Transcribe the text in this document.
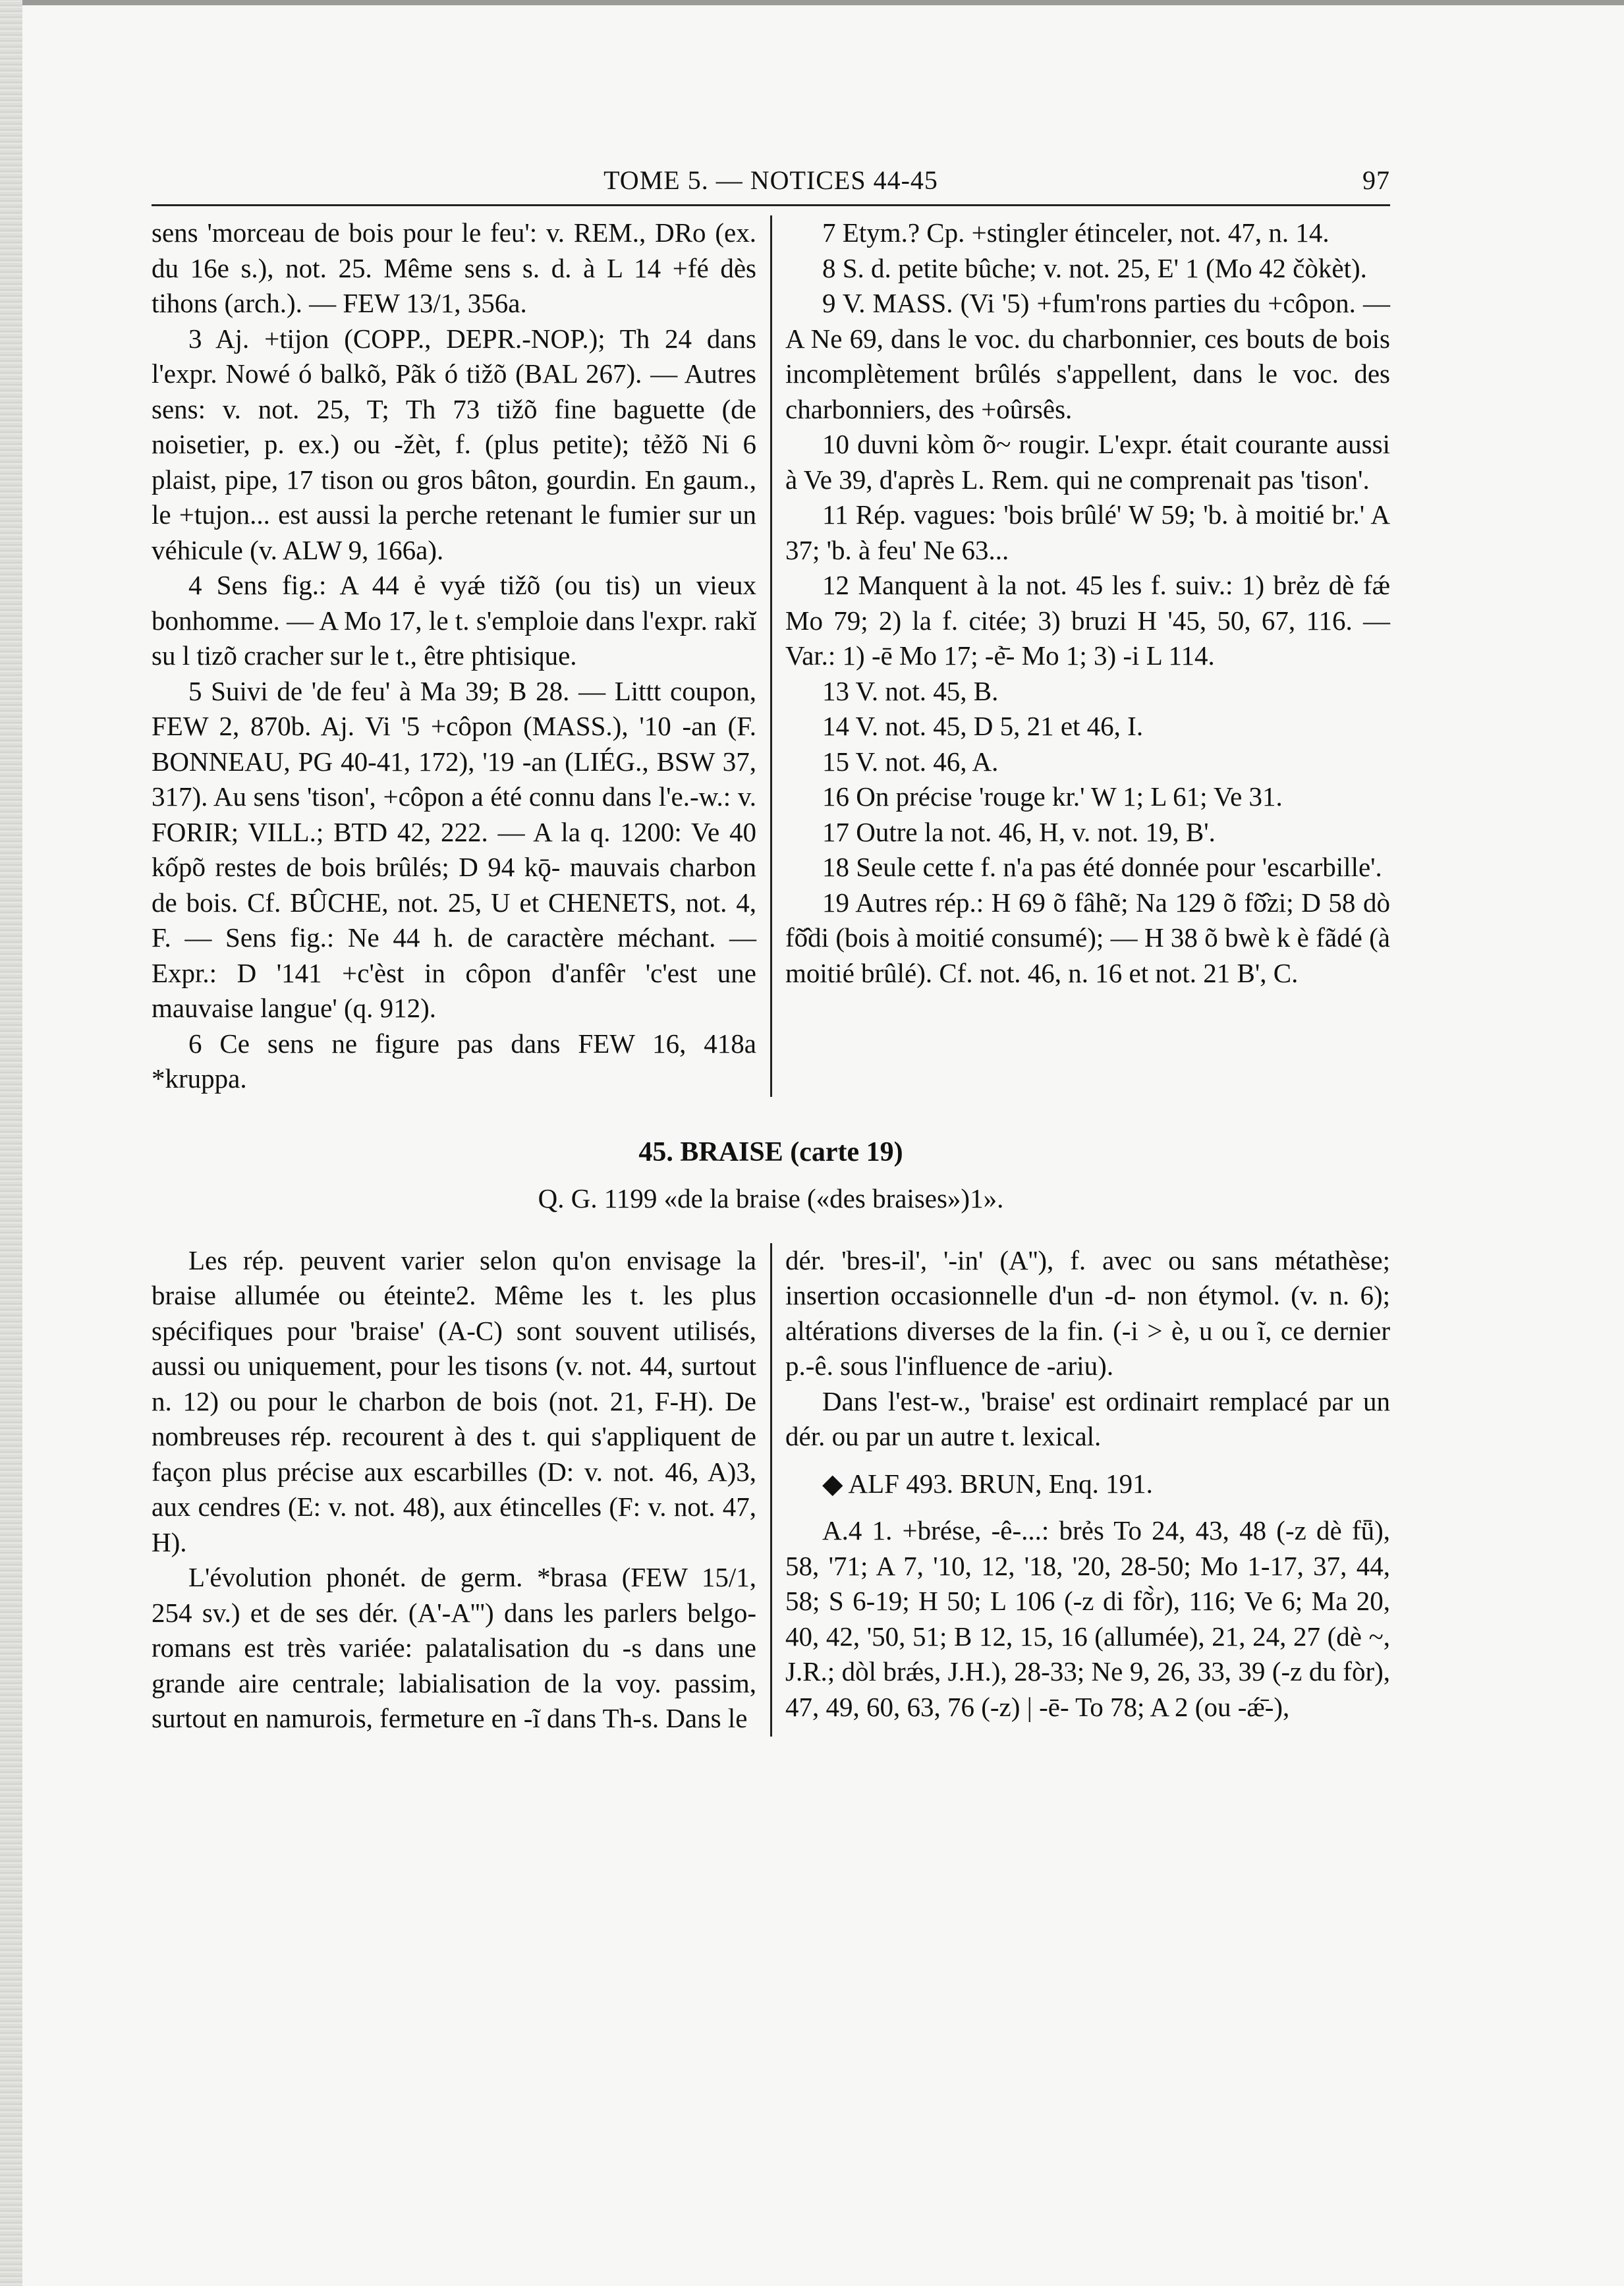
TOME 5. — NOTICES 44-45	97

sens 'morceau de bois pour le feu': v. REM., DRo (ex. du 16e s.), not. 25. Même sens s. d. à L 14 +fé dès tihons (arch.). — FEW 13/1, 356a.

3 Aj. +tijon (COPP., DEPR.-NOP.); Th 24 dans l'expr. Nowé ó balkõ, Pãk ó tižõ (BAL 267). — Autres sens: v. not. 25, T; Th 73 tižõ fine baguette (de noisetier, p. ex.) ou -žèt, f. (plus petite); tẻžõ Ni 6 plaist, pipe, 17 tison ou gros bâton, gourdin. En gaum., le +tujon... est aussi la perche retenant le fumier sur un véhicule (v. ALW 9, 166a).

4 Sens fig.: A 44 ẻ vyǽ tižõ (ou tis) un vieux bonhomme. — A Mo 17, le t. s'emploie dans l'expr. rakĭ su l tizõ cracher sur le t., être phtisique.

5 Suivi de 'de feu' à Ma 39; B 28. — Littt coupon, FEW 2, 870b. Aj. Vi '5 +côpon (MASS.), '10 -an (F. BONNEAU, PG 40-41, 172), '19 -an (LIÉG., BSW 37, 317). Au sens 'tison', +côpon a été connu dans l'e.-w.: v. FORIR; VILL.; BTD 42, 222. — A la q. 1200: Ve 40 kốpõ restes de bois brûlés; D 94 kǭ- mauvais charbon de bois. Cf. BÛCHE, not. 25, U et CHENETS, not. 4, F. — Sens fig.: Ne 44 h. de caractère méchant. — Expr.: D '141 +c'èst in côpon d'anfêr 'c'est une mauvaise langue' (q. 912).

6 Ce sens ne figure pas dans FEW 16, 418a *kruppa.

7 Etym.? Cp. +stingler étinceler, not. 47, n. 14.

8 S. d. petite bûche; v. not. 25, E' 1 (Mo 42 čòkèt).

9 V. MASS. (Vi '5) +fum'rons parties du +côpon. — A Ne 69, dans le voc. du charbonnier, ces bouts de bois incomplètement brûlés s'appellent, dans le voc. des charbonniers, des +oûrsês.

10 duvni kòm õ~ rougir. L'expr. était courante aussi à Ve 39, d'après L. Rem. qui ne comprenait pas 'tison'.

11 Rép. vagues: 'bois brûlé' W 59; 'b. à moitié br.' A 37; 'b. à feu' Ne 63...

12 Manquent à la not. 45 les f. suiv.: 1) brẻz dè fǽ Mo 79; 2) la f. citée; 3) bruzi H '45, 50, 67, 116. — Var.: 1) -ē Mo 17; -ẻ̄- Mo 1; 3) -i L 114.

13 V. not. 45, B.

14 V. not. 45, D 5, 21 et 46, I.

15 V. not. 46, A.

16 On précise 'rouge kr.' W 1; L 61; Ve 31.

17 Outre la not. 46, H, v. not. 19, B'.

18 Seule cette f. n'a pas été donnée pour 'escarbille'.

19 Autres rép.: H 69 õ fâhẽ; Na 129 õ fõ̂zi; D 58 dò fõ̂di (bois à moitié consumé); — H 38 õ bwè k è fãdé (à moitié brûlé). Cf. not. 46, n. 16 et not. 21 B', C.

45. BRAISE (carte 19)
Q. G. 1199 «de la braise («des braises»)1».

Les rép. peuvent varier selon qu'on envisage la braise allumée ou éteinte2. Même les t. les plus spécifiques pour 'braise' (A-C) sont souvent utilisés, aussi ou uniquement, pour les tisons (v. not. 44, surtout n. 12) ou pour le charbon de bois (not. 21, F-H). De nombreuses rép. recourent à des t. qui s'appliquent de façon plus précise aux escarbilles (D: v. not. 46, A)3, aux cendres (E: v. not. 48), aux étincelles (F: v. not. 47, H).

L'évolution phonét. de germ. *brasa (FEW 15/1, 254 sv.) et de ses dér. (A'-A''') dans les parlers belgo-romans est très variée: palatalisation du -s dans une grande aire centrale; labialisation de la voy. passim, surtout en namurois, fermeture en -ĩ dans Th-s. Dans le

dér. 'bres-il', '-in' (A''), f. avec ou sans métathèse; insertion occasionnelle d'un -d- non étymol. (v. n. 6); altérations diverses de la fin. (-i > è, u ou ĩ, ce dernier p.-ê. sous l'influence de -ariu).

Dans l'est-w., 'braise' est ordinairt remplacé par un dér. ou par un autre t. lexical.

◆ ALF 493. BRUN, Enq. 191.

A.4 1. +brése, -ê-...: brẻs To 24, 43, 48 (-z dè fǖ), 58, '71; A 7, '10, 12, '18, '20, 28-50; Mo 1-17, 37, 44, 58; S 6-19; H 50; L 106 (-z di fõ̀r), 116; Ve 6; Ma 20, 40, 42, '50, 51; B 12, 15, 16 (allumée), 21, 24, 27 (dè ~, J.R.; dòl brǽs, J.H.), 28-33; Ne 9, 26, 33, 39 (-z du fòr), 47, 49, 60, 63, 76 (-z) | -ē- To 78; A 2 (ou -ǽ̄-),
